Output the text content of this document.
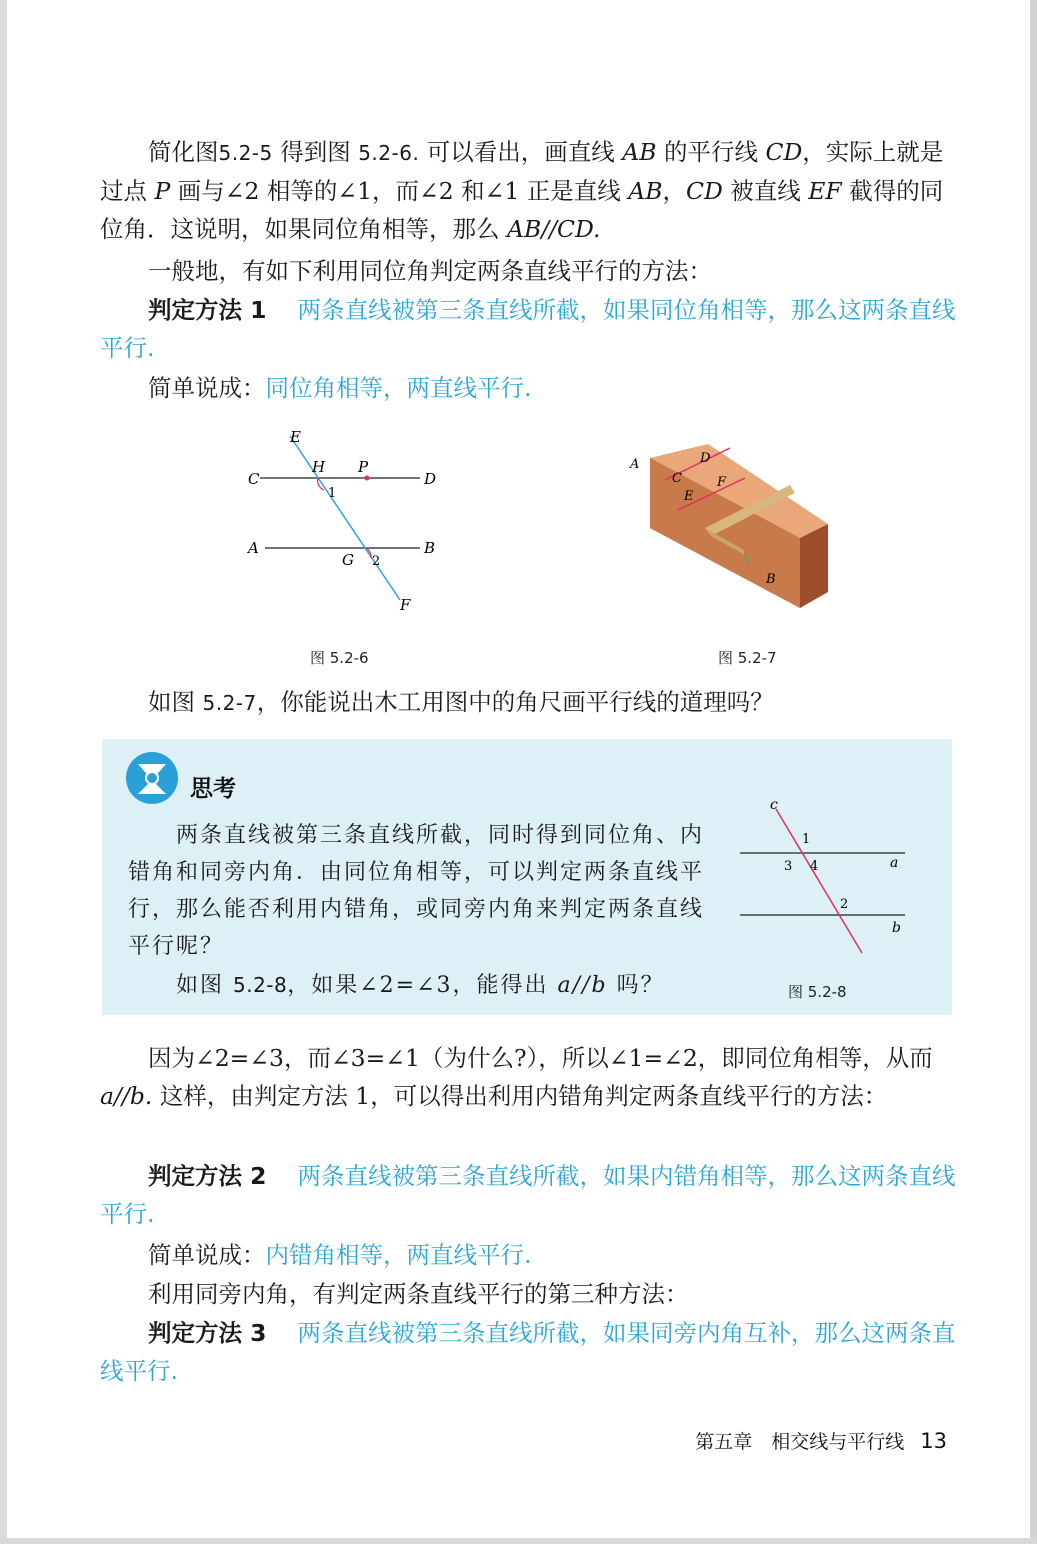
简化图5.2-5 得到图 5.2-6. 可以看出，画直线 AB 的平行线 CD，实际上就是过点 P 画与∠2 相等的∠1，而∠2 和∠1 正是直线 AB，CD 被直线 EF 截得的同位角．这说明，如果同位角相等，那么 AB//CD.

一般地，有如下利用同位角判定两条直线平行的方法：

判定方法 1　 两条直线被第三条直线所截，如果同位角相等，那么这两条直线平行.

简单说成：同位角相等，两直线平行.

E
C
H P
D
1
A	B
G 2
F
图 5.2-6
A
B
C
D
E
F
图 5.2-7

如图 5.2-7，你能说出木工用图中的角尺画平行线的道理吗？

思考

两条直线被第三条直线所截，同时得到同位角、内错角和同旁内角．由同位角相等，可以判定两条直线平行，那么能否利用内错角，或同旁内角来判定两条直线平行呢？

如图 5.2-8，如果∠2=∠3，能得出 a//b 吗？

c
1
3 4	a
2
b
图 5.2-8

因为∠2=∠3，而∠3=∠1（为什么?），所以∠1=∠2，即同位角相等，从而 a//b. 这样，由判定方法 1，可以得出利用内错角判定两条直线平行的方法：

判定方法 2　 两条直线被第三条直线所截，如果内错角相等，那么这两条直线平行.

简单说成：内错角相等，两直线平行.

利用同旁内角，有判定两条直线平行的第三种方法：

判定方法 3　 两条直线被第三条直线所截，如果同旁内角互补，那么这两条直线平行.

第五章　相交线与平行线 13
